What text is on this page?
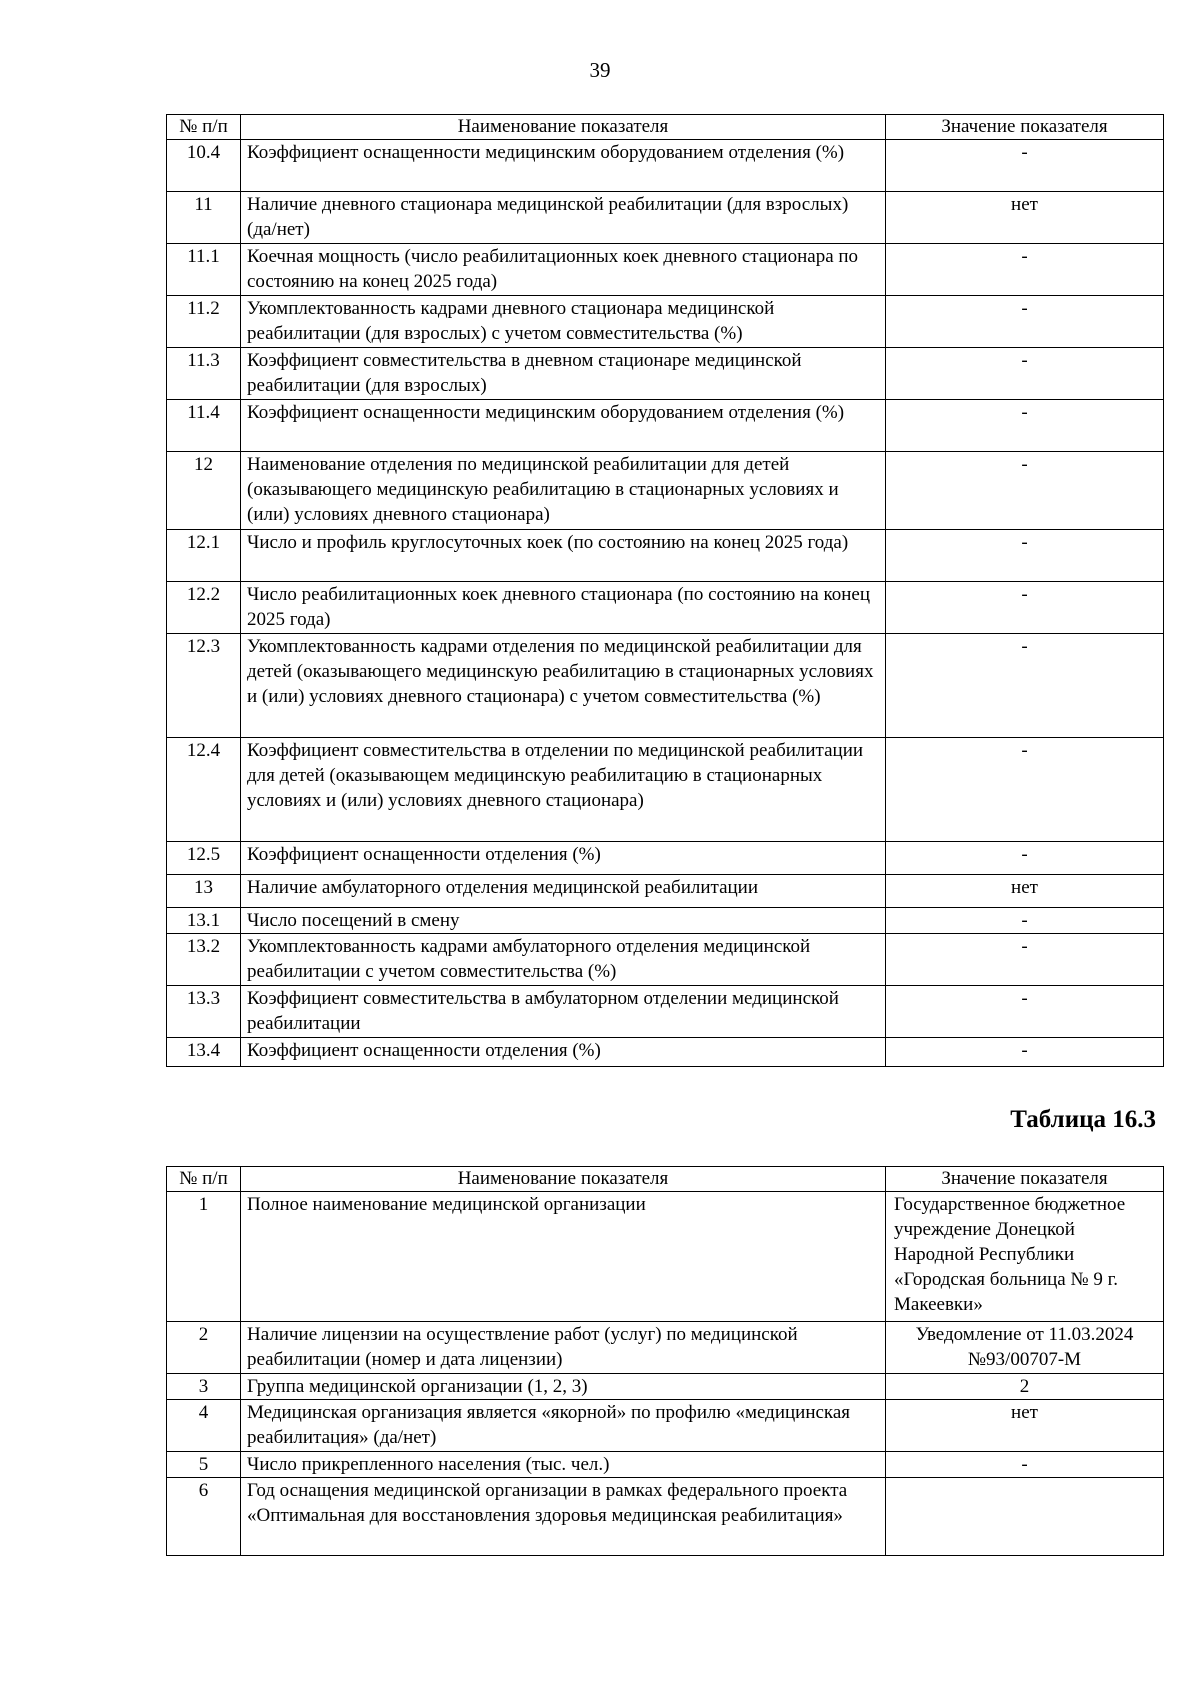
39
№ п/п	Наименование показателя	Значение показателя
10.4	Коэффициент оснащенности медицинским оборудованием отделения (%)	-
11	Наличие дневного стационара медицинской реабилитации (для взрослых) (да/нет)	нет
11.1	Коечная мощность (число реабилитационных коек дневного стационара по состоянию на конец 2025 года)	-
11.2	Укомплектованность кадрами дневного стационара медицинской реабилитации (для взрослых) с учетом совместительства (%)	-
11.3	Коэффициент совместительства в дневном стационаре медицинской реабилитации (для взрослых)	-
11.4	Коэффициент оснащенности медицинским оборудованием отделения (%)	-
12	Наименование отделения по медицинской реабилитации для детей (оказывающего медицинскую реабилитацию в стационарных условиях и (или) условиях дневного стационара)	-
12.1	Число и профиль круглосуточных коек (по состоянию на конец 2025 года)	-
12.2	Число реабилитационных коек дневного стационара (по состоянию на конец 2025 года)	-
12.3	Укомплектованность кадрами отделения по медицинской реабилитации для детей (оказывающего медицинскую реабилитацию в стационарных условиях и (или) условиях дневного стационара) с учетом совместительства (%)	-
12.4	Коэффициент совместительства в отделении по медицинской реабилитации для детей (оказывающем медицинскую реабилитацию в стационарных условиях и (или) условиях дневного стационара)	-
12.5	Коэффициент оснащенности отделения (%)	-
13	Наличие амбулаторного отделения медицинской реабилитации	нет
13.1	Число посещений в смену	-
13.2	Укомплектованность кадрами амбулаторного отделения медицинской реабилитации с учетом совместительства (%)	-
13.3	Коэффициент совместительства в амбулаторном отделении медицинской реабилитации	-
13.4	Коэффициент оснащенности отделения (%)	-
Таблица 16.3
№ п/п	Наименование показателя	Значение показателя
1	Полное наименование медицинской организации	Государственное бюджетное учреждение Донецкой Народной Республики «Городская больница № 9 г. Макеевки»
2	Наличие лицензии на осуществление работ (услуг) по медицинской реабилитации (номер и дата лицензии)	Уведомление от 11.03.2024 №93/00707-М
3	Группа медицинской организации (1, 2, 3)	2
4	Медицинская организация является «якорной» по профилю «медицинская реабилитация» (да/нет)	нет
5	Число прикрепленного населения (тыс. чел.)	-
6	Год оснащения медицинской организации в рамках федерального проекта «Оптимальная для восстановления здоровья медицинская реабилитация»	
